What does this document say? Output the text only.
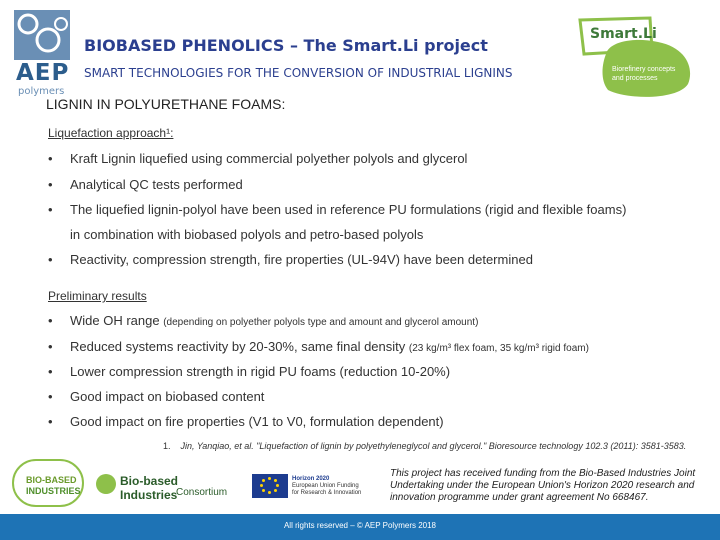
AEP
polymers
BIOBASED PHENOLICS – The Smart.Li project
SMART TECHNOLOGIES FOR THE CONVERSION OF INDUSTRIAL LIGNINS
Smart.Li
Biorefinery concepts
and processes
LIGNIN IN POLYURETHANE FOAMS:
Liquefaction approach¹:
• Kraft Lignin liquefied using commercial polyether polyols and glycerol
• Analytical QC tests performed
• The liquefied lignin-polyol have been used in reference PU formulations (rigid and flexible foams)
in combination with biobased polyols and petro-based polyols
• Reactivity, compression strength, fire properties (UL-94V) have been determined
Preliminary results
• Wide OH range (depending on polyether polyols type and amount and glycerol amount)
• Reduced systems reactivity by 20-30%, same final density (23 kg/m³ flex foam, 35 kg/m³ rigid foam)
• Lower compression strength in rigid PU foams (reduction 10-20%)
• Good impact on biobased content
• Good impact on fire properties (V1 to V0, formulation dependent)
1. Jin, Yanqiao, et al. "Liquefaction of lignin by polyethyleneglycol and glycerol." Bioresource technology 102.3 (2011): 3581-3583.
BIO-BASED
INDUSTRIES
Bio-based Industries
Consortium
Horizon 2020
European Union Funding
for Research & Innovation
This project has received funding from the Bio-Based Industries Joint Undertaking under the European Union's Horizon 2020 research and innovation programme under grant agreement No 668467.
All rights reserved – © AEP Polymers 2018
